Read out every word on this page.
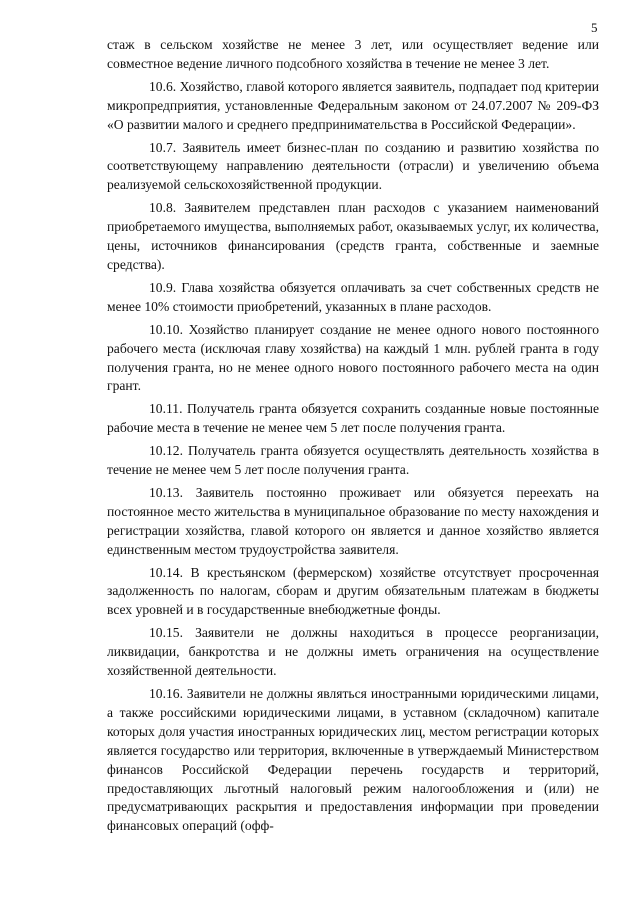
5

стаж в сельском хозяйстве не менее 3 лет, или осуществляет ведение или совместное ведение личного подсобного хозяйства в течение не менее 3 лет.

10.6. Хозяйство, главой которого является заявитель, подпадает под критерии микропредприятия, установленные Федеральным законом от 24.07.2007 № 209-ФЗ «О развитии малого и среднего предпринимательства в Российской Федерации».

10.7. Заявитель имеет бизнес-план по созданию и развитию хозяйства по соответствующему направлению деятельности (отрасли) и увеличению объема реализуемой сельскохозяйственной продукции.

10.8. Заявителем представлен план расходов с указанием наименований приобретаемого имущества, выполняемых работ, оказываемых услуг, их количества, цены, источников финансирования (средств гранта, собственные и заемные средства).

10.9. Глава хозяйства обязуется оплачивать за счет собственных средств не менее 10% стоимости приобретений, указанных в плане расходов.

10.10. Хозяйство планирует создание не менее одного нового постоянного рабочего места (исключая главу хозяйства) на каждый 1 млн. рублей гранта в году получения гранта, но не менее одного нового постоянного рабочего места на один грант.

10.11. Получатель гранта обязуется сохранить созданные новые постоянные рабочие места в течение не менее чем 5 лет после получения гранта.

10.12. Получатель гранта обязуется осуществлять деятельность хозяйства в течение не менее чем 5 лет после получения гранта.

10.13. Заявитель постоянно проживает или обязуется переехать на постоянное место жительства в муниципальное образование по месту нахождения и регистрации хозяйства, главой которого он является и данное хозяйство является единственным местом трудоустройства заявителя.

10.14. В крестьянском (фермерском) хозяйстве отсутствует просроченная задолженность по налогам, сборам и другим обязательным платежам в бюджеты всех уровней и в государственные внебюджетные фонды.

10.15. Заявители не должны находиться в процессе реорганизации, ликвидации, банкротства и не должны иметь ограничения на осуществление хозяйственной деятельности.

10.16. Заявители не должны являться иностранными юридическими лицами, а также российскими юридическими лицами, в уставном (складочном) капитале которых доля участия иностранных юридических лиц, местом регистрации которых является государство или территория, включенные в утверждаемый Министерством финансов Российской Федерации перечень государств и территорий, предоставляющих льготный налоговый режим налогообложения и (или) не предусматривающих раскрытия и предоставления информации при проведении финансовых операций (офф-
